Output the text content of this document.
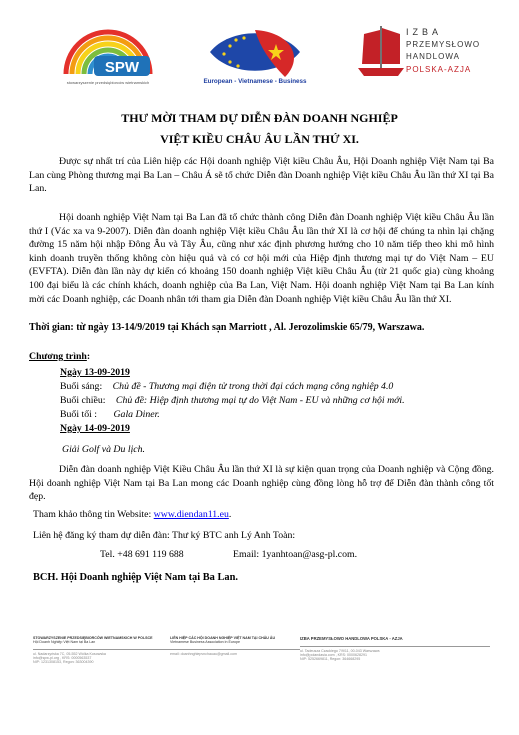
SPW
stowarzyszenie przedsiębiorców wietnamskich	European - Vietnamese - Business
IZBA
PRZEMYSŁOWO
HANDLOWA
POLSKA-AZJA
THƯ MỜI THAM DỰ DIỄN ĐÀN DOANH NGHIỆP
VIỆT KIỀU CHÂU ÂU LẦN THỨ XI.
Được sự nhất trí của Liên hiệp các Hội doanh nghiệp Việt kiều Châu Âu, Hội Doanh nghiệp Việt Nam tại Ba Lan cùng Phòng thương mại Ba Lan – Châu Á sẽ tổ chức Diễn đàn Doanh nghiệp Việt kiều Châu Âu lần thứ XI tại Ba Lan.
Hội doanh nghiệp Việt Nam tại Ba Lan đã tổ chức thành công Diễn đàn Doanh nghiệp Việt kiều Châu Âu lần thứ I (Vác xa va 9-2007). Diễn đàn doanh nghiệp Việt kiều Châu Âu lần thứ XI là cơ hội để chúng ta nhìn lại chặng đường 15 năm hội nhập Đông Âu và Tây Âu, cũng như xác định phương hướng cho 10 năm tiếp theo khi mô hình kinh doanh truyền thống không còn hiệu quả và có cơ hội mới của Hiệp định thương mại tự do Việt Nam – EU (EVFTA). Diễn đàn lần này dự kiến có khoảng 150 doanh nghiệp Việt kiều Châu Âu (từ 21 quốc gia) cùng khoảng 100 đại biểu là các chính khách, doanh nghiệp của Ba Lan, Việt Nam. Hội doanh nghiệp Việt Nam tại Ba Lan kính mời các Doanh nghiệp, các Doanh nhân tới tham gia Diễn đàn Doanh nghiệp Việt kiều Châu Âu lần thứ XI.
Thời gian: từ ngày 13-14/9/2019 tại Khách sạn Marriott , Al. Jerozolimskie 65/79, Warszawa.
Chương trình:
Ngày 13-09-2019
Buổi sáng: Chủ đề - Thương mại điện tử trong thời đại cách mạng công nghiệp 4.0
Buổi chiều: Chủ đề: Hiệp định thương mại tự do Việt Nam - EU và những cơ hội mới.
Buổi tối : Gala Diner.
Ngày 14-09-2019
Giải Golf và Du lịch.
Diễn đàn doanh nghiệp Việt Kiều Châu Âu lần thứ XI là sự kiện quan trọng của Doanh nghiệp và Cộng đồng. Hội doanh nghiệp Việt Nam tại Ba Lan mong các Doanh nghiệp cùng đồng lòng hỗ trợ để Diễn đàn thành công tốt đẹp.
Tham khảo thông tin Website: www.diendan11.eu.
Liên hệ đăng ký tham dự diễn đàn: Thư ký BTC anh Lý Anh Toàn:
Tel. +48 691 119 688	Email: 1yanhtoan@asg-pl.com.
BCH. Hội Doanh nghiệp Việt Nam tại Ba Lan.
STOWARZYSZENIE PRZEDSIĘBIORCÓW WIETNAMSKICH W POLSCE
Hội Doanh Nghiệp Việt Nam tại Ba Lan
ul. Nadarzyńska 7C, 05-552 Wólka Kosowska
info@spw-pl.org , KRS: 0000563537
NIP: 1231308153, Regon: 363004390
LIÊN HIỆP CÁC HỘI DOANH NGHIỆP VIỆT NAM TẠI CHÂU ÂU
Vietnamese Business Association in Europe
email: doanhnghiepvnchauau@gmail.com
IZBA PRZEMYSŁOWO HANDLOWA POLSKA - AZJA
ul. Tadeusza Czackiego 7/9/11, 00-043 Warszawa
info@polandasia.com , KRS: 0000628291
NIP: 5252669811, Regon: 364668295
